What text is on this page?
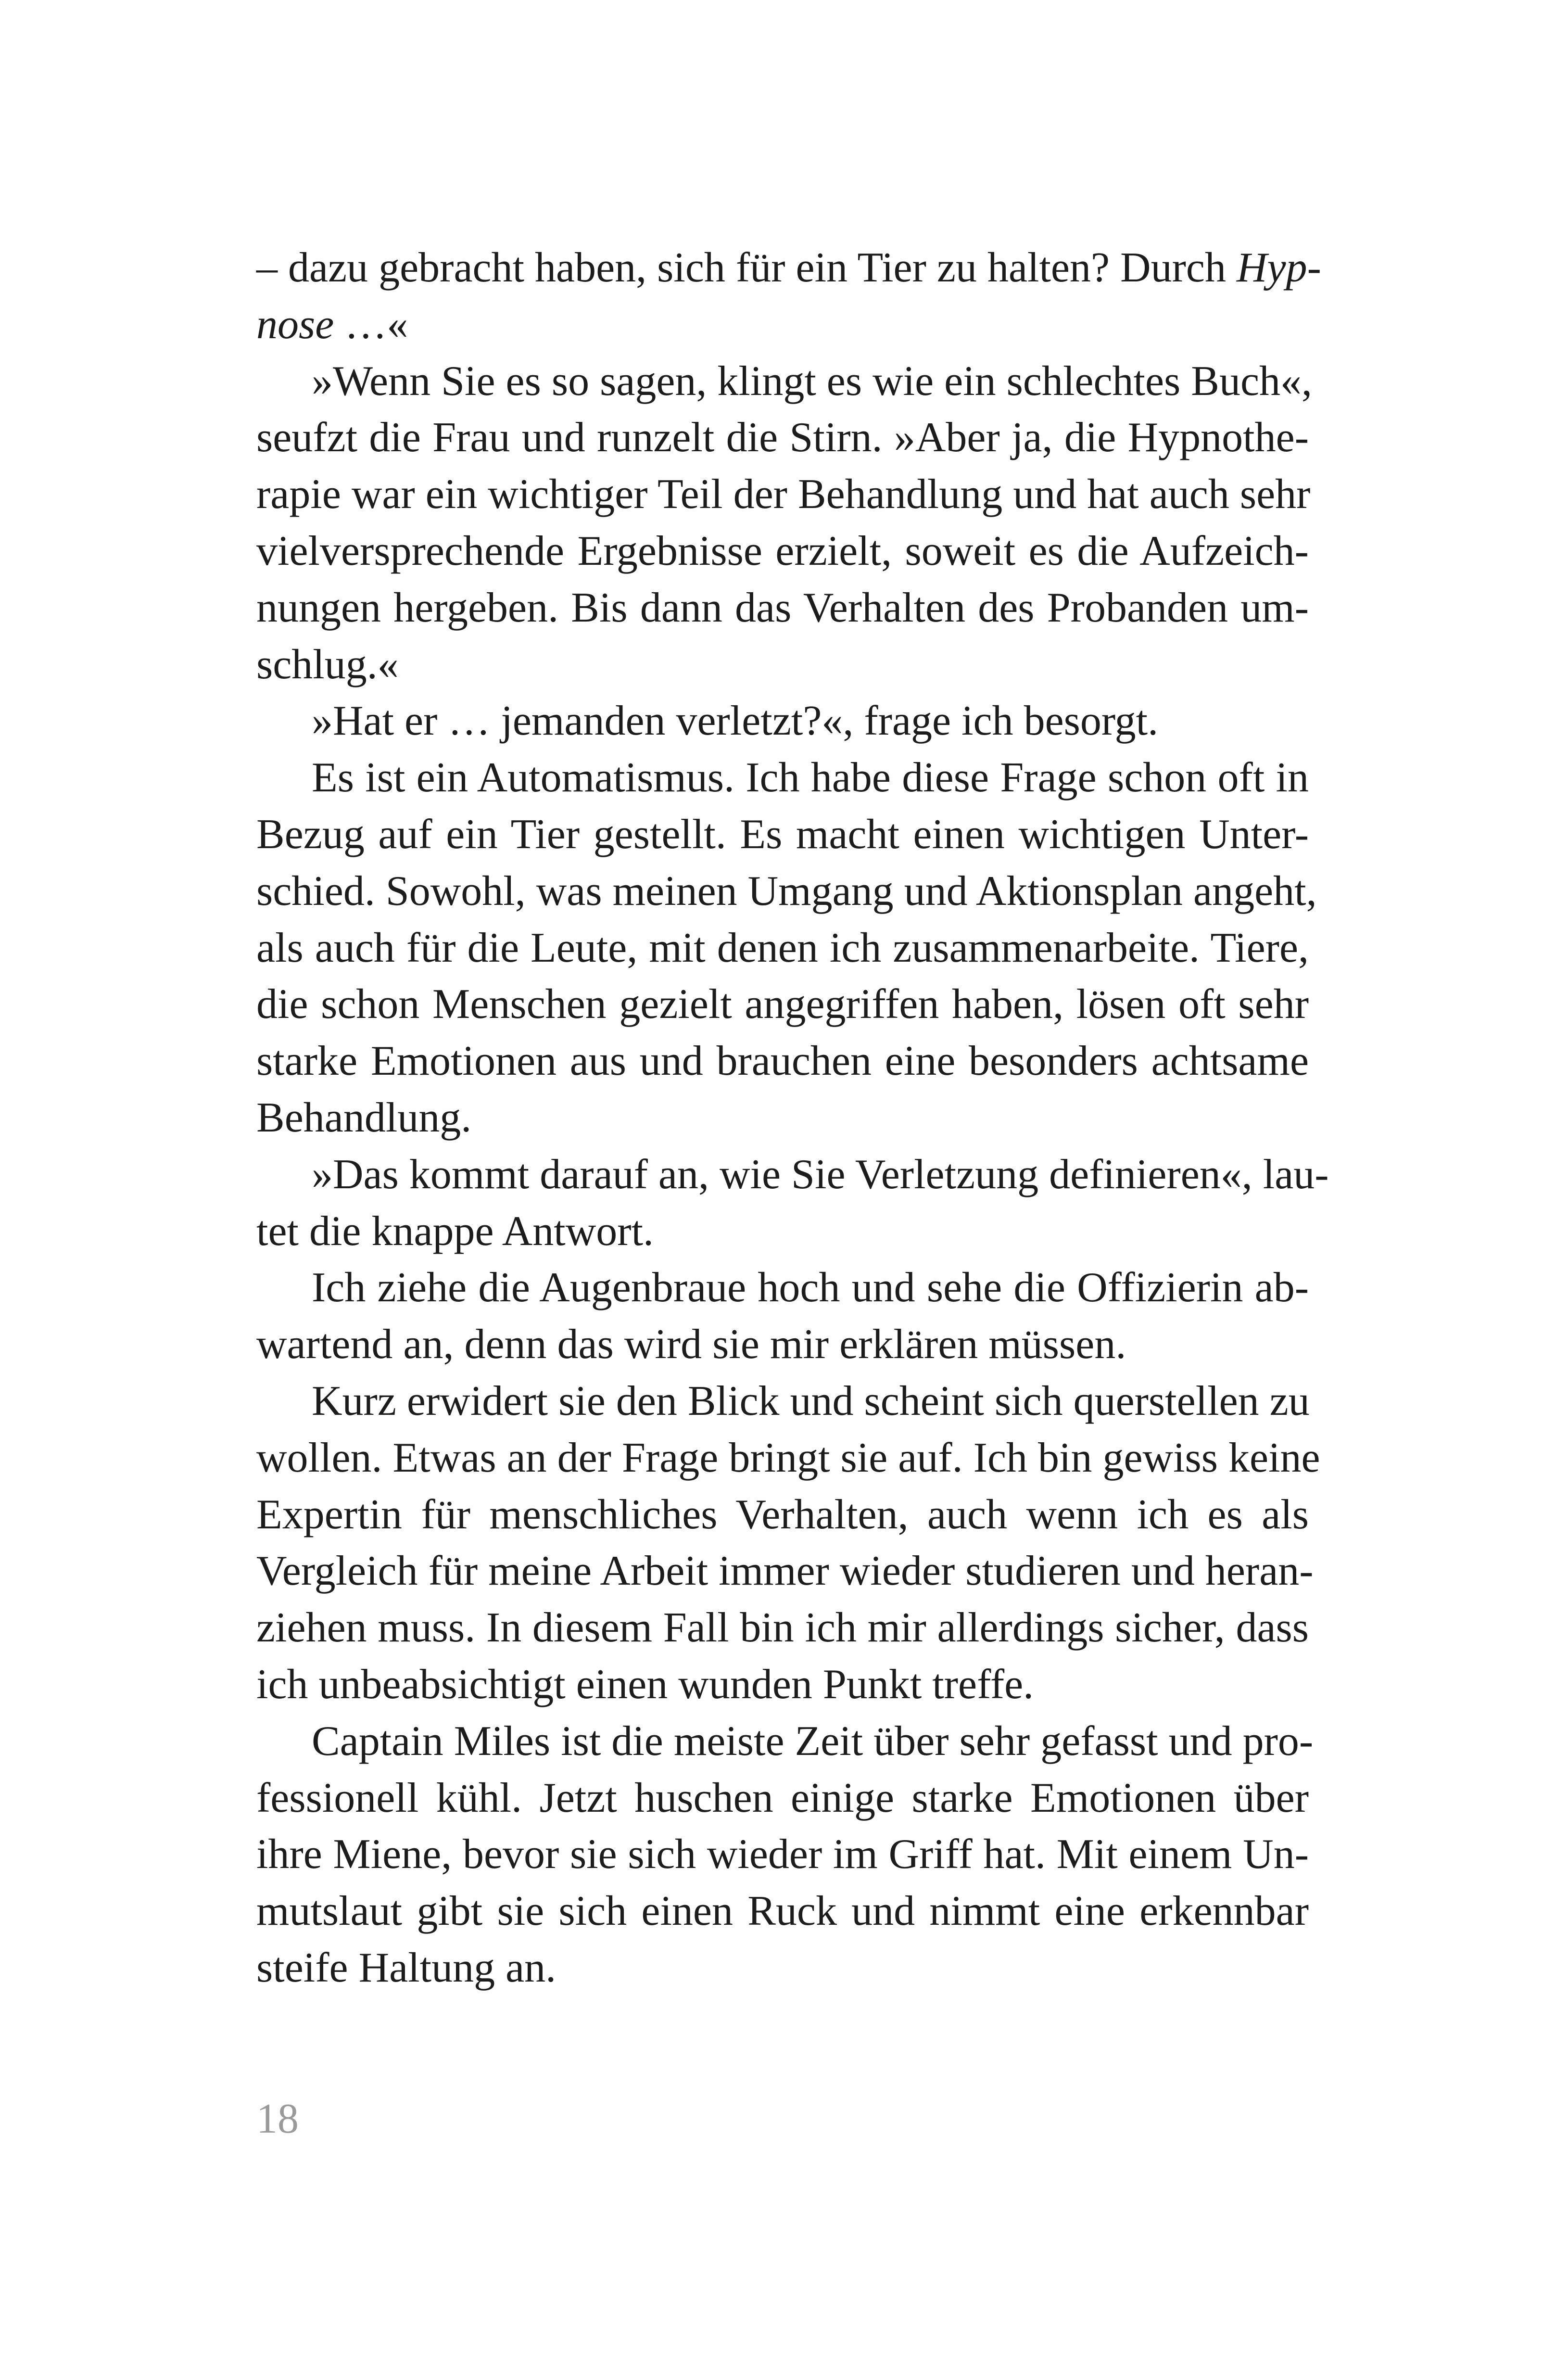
– dazu gebracht haben, sich für ein Tier zu halten? Durch Hyp-
nose …«
»Wenn Sie es so sagen, klingt es wie ein schlechtes Buch«,
seufzt die Frau und runzelt die Stirn. »Aber ja, die Hypnothe-
rapie war ein wichtiger Teil der Behandlung und hat auch sehr
vielversprechende Ergebnisse erzielt, soweit es die Aufzeich-
nungen hergeben. Bis dann das Verhalten des Probanden um-
schlug.«
»Hat er … jemanden verletzt?«, frage ich besorgt.
Es ist ein Automatismus. Ich habe diese Frage schon oft in
Bezug auf ein Tier gestellt. Es macht einen wichtigen Unter-
schied. Sowohl, was meinen Umgang und Aktionsplan angeht,
als auch für die Leute, mit denen ich zusammenarbeite. Tiere,
die schon Menschen gezielt angegriffen haben, lösen oft sehr
starke Emotionen aus und brauchen eine besonders achtsame
Behandlung.
»Das kommt darauf an, wie Sie Verletzung definieren«, lau-
tet die knappe Antwort.
Ich ziehe die Augenbraue hoch und sehe die Offizierin ab-
wartend an, denn das wird sie mir erklären müssen.
Kurz erwidert sie den Blick und scheint sich querstellen zu
wollen. Etwas an der Frage bringt sie auf. Ich bin gewiss keine
Expertin für menschliches Verhalten, auch wenn ich es als
Vergleich für meine Arbeit immer wieder studieren und heran-
ziehen muss. In diesem Fall bin ich mir allerdings sicher, dass
ich unbeabsichtigt einen wunden Punkt treffe.
Captain Miles ist die meiste Zeit über sehr gefasst und pro-
fessionell kühl. Jetzt huschen einige starke Emotionen über
ihre Miene, bevor sie sich wieder im Griff hat. Mit einem Un-
mutslaut gibt sie sich einen Ruck und nimmt eine erkennbar
steife Haltung an.
18
